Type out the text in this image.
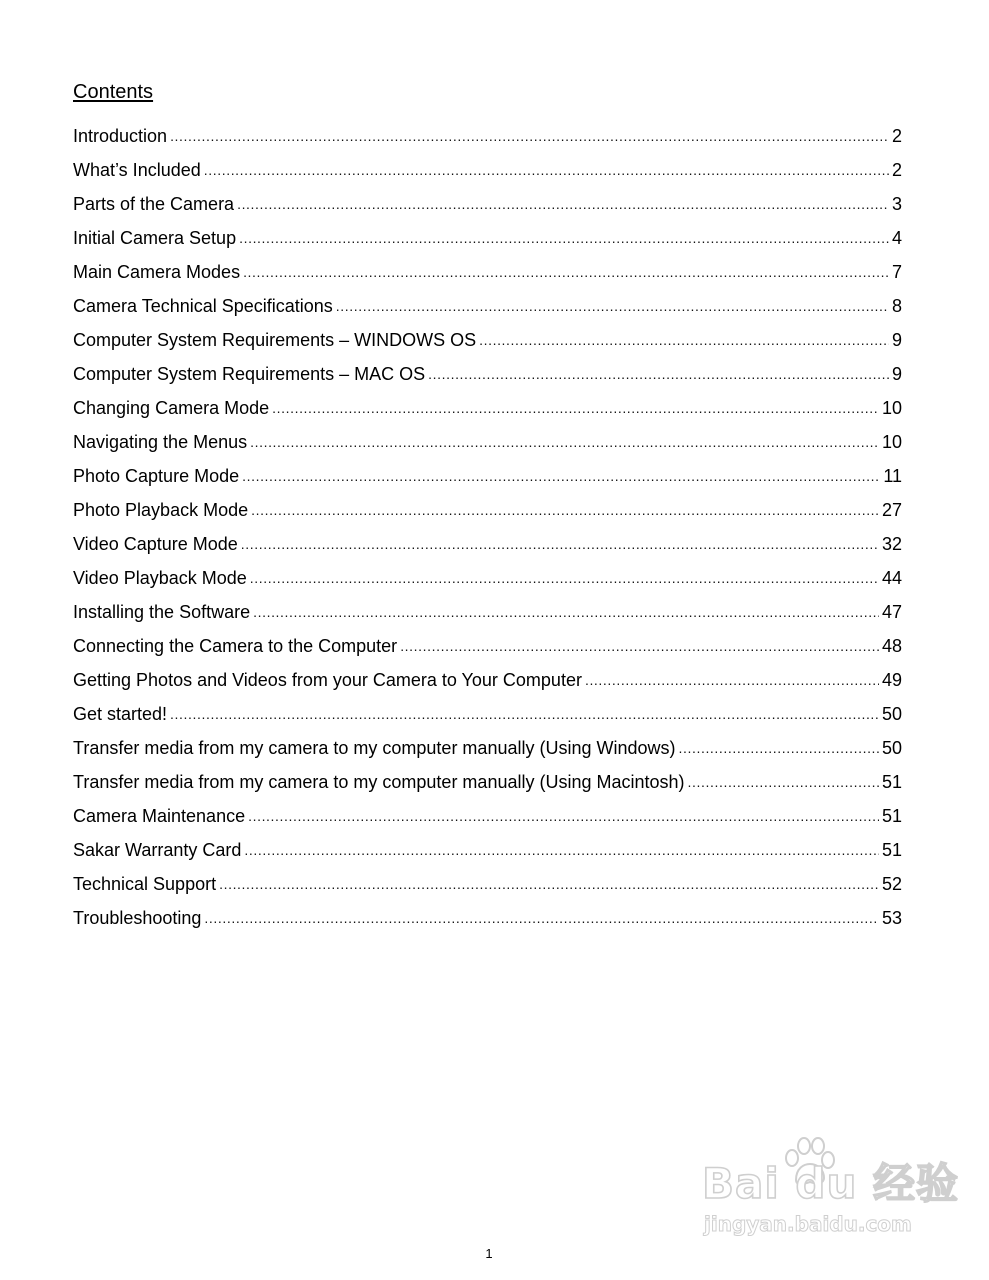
Contents
Introduction .....	2
What’s Included .....	2
Parts of the Camera .....	3
Initial Camera Setup .....	4
Main Camera Modes .....	7
Camera Technical Specifications .....	8
Computer System Requirements – WINDOWS OS .....	9
Computer System Requirements – MAC OS .....	9
Changing Camera Mode .....	10
Navigating the Menus .....	10
Photo Capture Mode .....	11
Photo Playback Mode .....	27
Video Capture Mode .....	32
Video Playback Mode .....	44
Installing the Software .....	47
Connecting the Camera to the Computer .....	48
Getting Photos and Videos from your Camera to Your Computer .....	49
Get started! .....	50
Transfer media from my camera to my computer manually (Using Windows) .....	50
Transfer media from my camera to my computer manually (Using Macintosh) .....	51
Camera Maintenance .....	51
Sakar Warranty Card .....	51
Technical Support .....	52
Troubleshooting .....	53
Bai du 经验
jingyan.baidu.com
1
